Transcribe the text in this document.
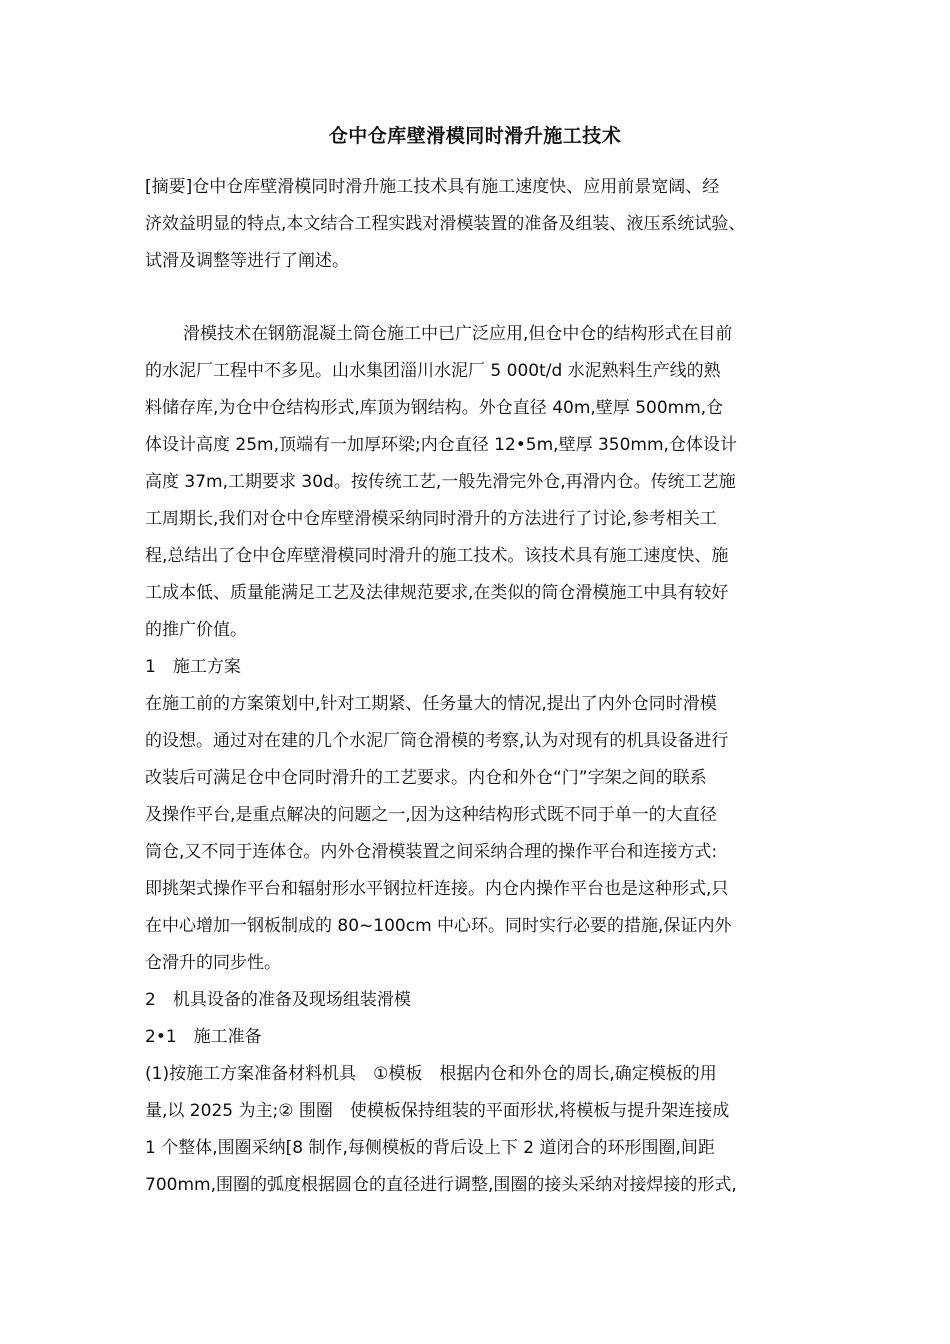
仓中仓库壁滑模同时滑升施工技术
[摘要]仓中仓库壁滑模同时滑升施工技术具有施工速度快、应用前景宽阔、经
济效益明显的特点,本文结合工程实践对滑模装置的准备及组装、液压系统试验、
试滑及调整等进行了阐述。
滑模技术在钢筋混凝土筒仓施工中已广泛应用,但仓中仓的结构形式在目前
的水泥厂工程中不多见。山水集团淄川水泥厂 5 000t/d 水泥熟料生产线的熟
料储存库,为仓中仓结构形式,库顶为钢结构。外仓直径 40m,壁厚 500mm,仓
体设计高度 25m,顶端有一加厚环梁;内仓直径 12•5m,壁厚 350mm,仓体设计
高度 37m,工期要求 30d。按传统工艺,一般先滑完外仓,再滑内仓。传统工艺施
工周期长,我们对仓中仓库壁滑模采纳同时滑升的方法进行了讨论,参考相关工
程,总结出了仓中仓库壁滑模同时滑升的施工技术。该技术具有施工速度快、施
工成本低、质量能满足工艺及法律规范要求,在类似的筒仓滑模施工中具有较好
的推广价值。
1　施工方案
在施工前的方案策划中,针对工期紧、任务量大的情况,提出了内外仓同时滑模
的设想。通过对在建的几个水泥厂筒仓滑模的考察,认为对现有的机具设备进行
改装后可满足仓中仓同时滑升的工艺要求。内仓和外仓“门”字架之间的联系
及操作平台,是重点解决的问题之一,因为这种结构形式既不同于单一的大直径
筒仓,又不同于连体仓。内外仓滑模装置之间采纳合理的操作平台和连接方式:
即挑架式操作平台和辐射形水平钢拉杆连接。内仓内操作平台也是这种形式,只
在中心增加一钢板制成的 80~100cm 中心环。同时实行必要的措施,保证内外
仓滑升的同步性。
2　机具设备的准备及现场组装滑模
2•1　施工准备
(1)按施工方案准备材料机具　①模板　根据内仓和外仓的周长,确定模板的用
量,以 2025 为主;② 围圈　使模板保持组装的平面形状,将模板与提升架连接成
1 个整体,围圈采纳[8 制作,每侧模板的背后设上下 2 道闭合的环形围圈,间距
700mm,围圈的弧度根据圆仓的直径进行调整,围圈的接头采纳对接焊接的形式,
